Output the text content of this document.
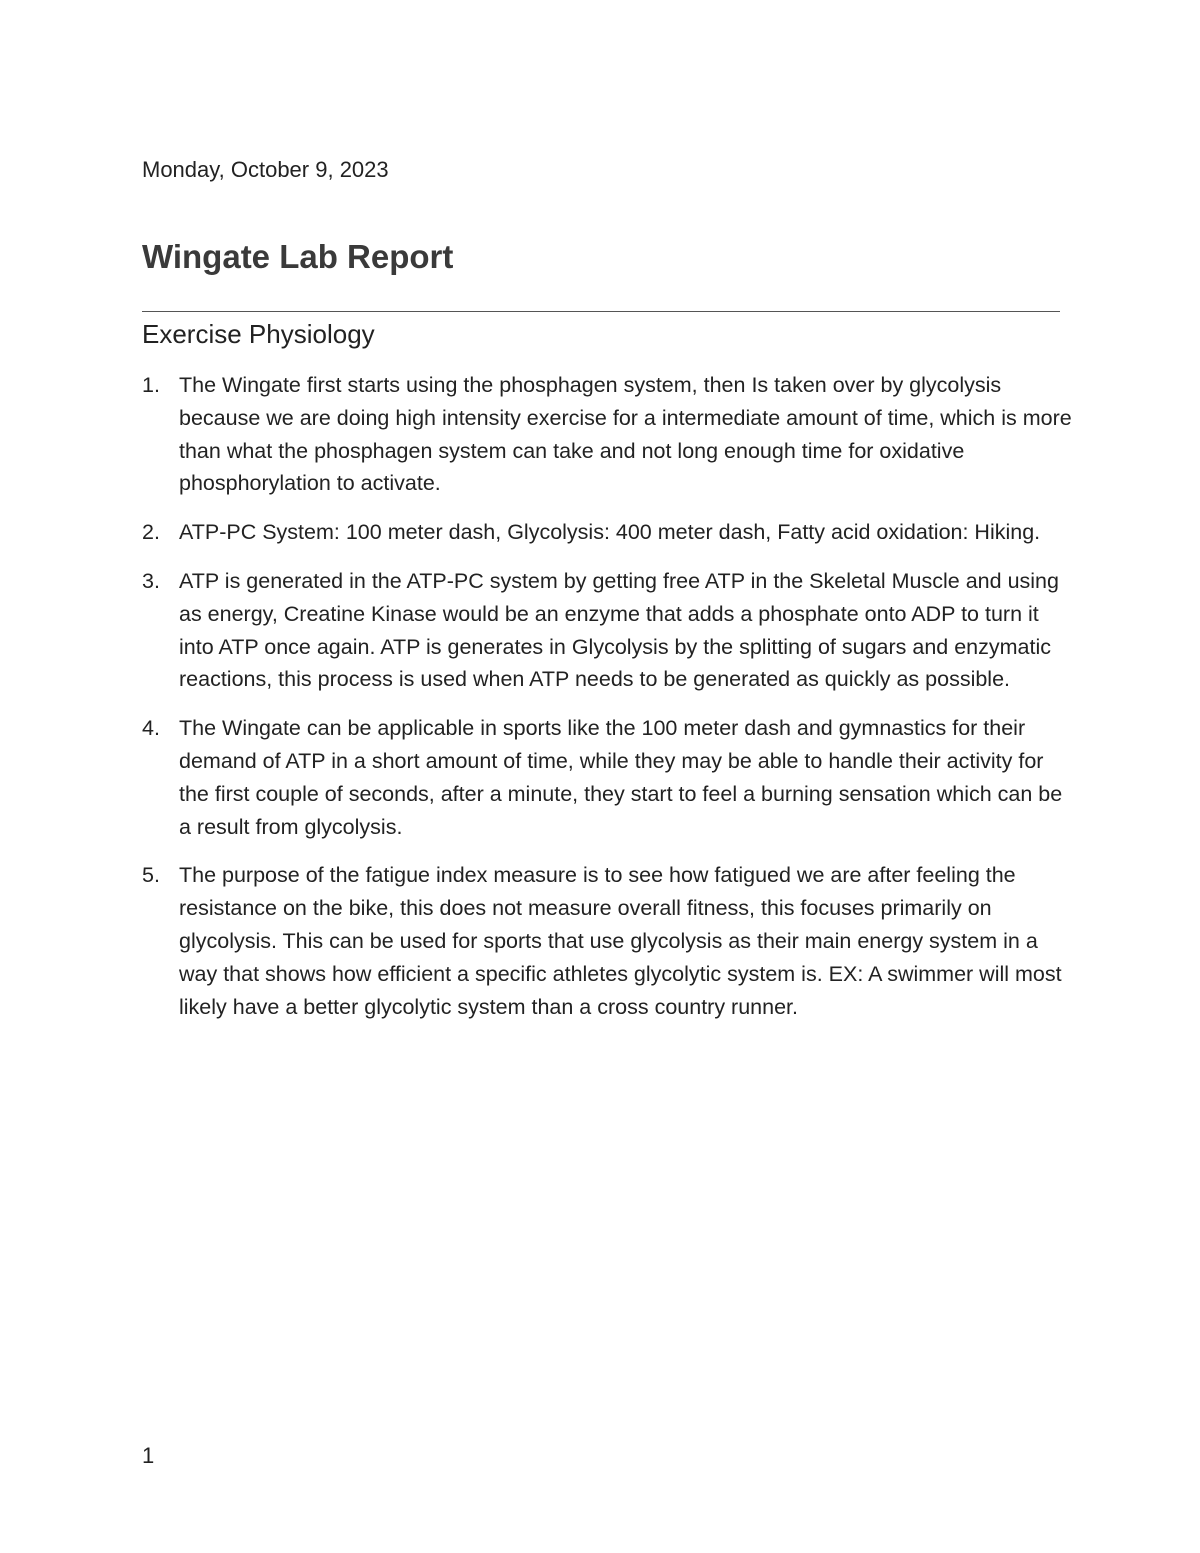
Monday, October 9, 2023
Wingate Lab Report
Exercise Physiology
1. The Wingate first starts using the phosphagen system, then Is taken over by glycolysis because we are doing high intensity exercise for a intermediate amount of time, which is more than what the phosphagen system can take and not long enough time for oxidative phosphorylation to activate.
2. ATP-PC System: 100 meter dash, Glycolysis: 400 meter dash, Fatty acid oxidation: Hiking.
3. ATP is generated in the ATP-PC system by getting free ATP in the Skeletal Muscle and using as energy, Creatine Kinase would be an enzyme that adds a phosphate onto ADP to turn it into ATP once again. ATP is generates in Glycolysis by the splitting of sugars and enzymatic reactions, this process is used when ATP needs to be generated as quickly as possible.
4. The Wingate can be applicable in sports like the 100 meter dash and gymnastics for their demand of ATP in a short amount of time, while they may be able to handle their activity for the first couple of seconds, after a minute, they start to feel a burning sensation which can be a result from glycolysis.
5. The purpose of the fatigue index measure is to see how fatigued we are after feeling the resistance on the bike, this does not measure overall fitness, this focuses primarily on glycolysis. This can be used for sports that use glycolysis as their main energy system in a way that shows how efficient a specific athletes glycolytic system is. EX: A swimmer will most likely have a better glycolytic system than a cross country runner.
1
